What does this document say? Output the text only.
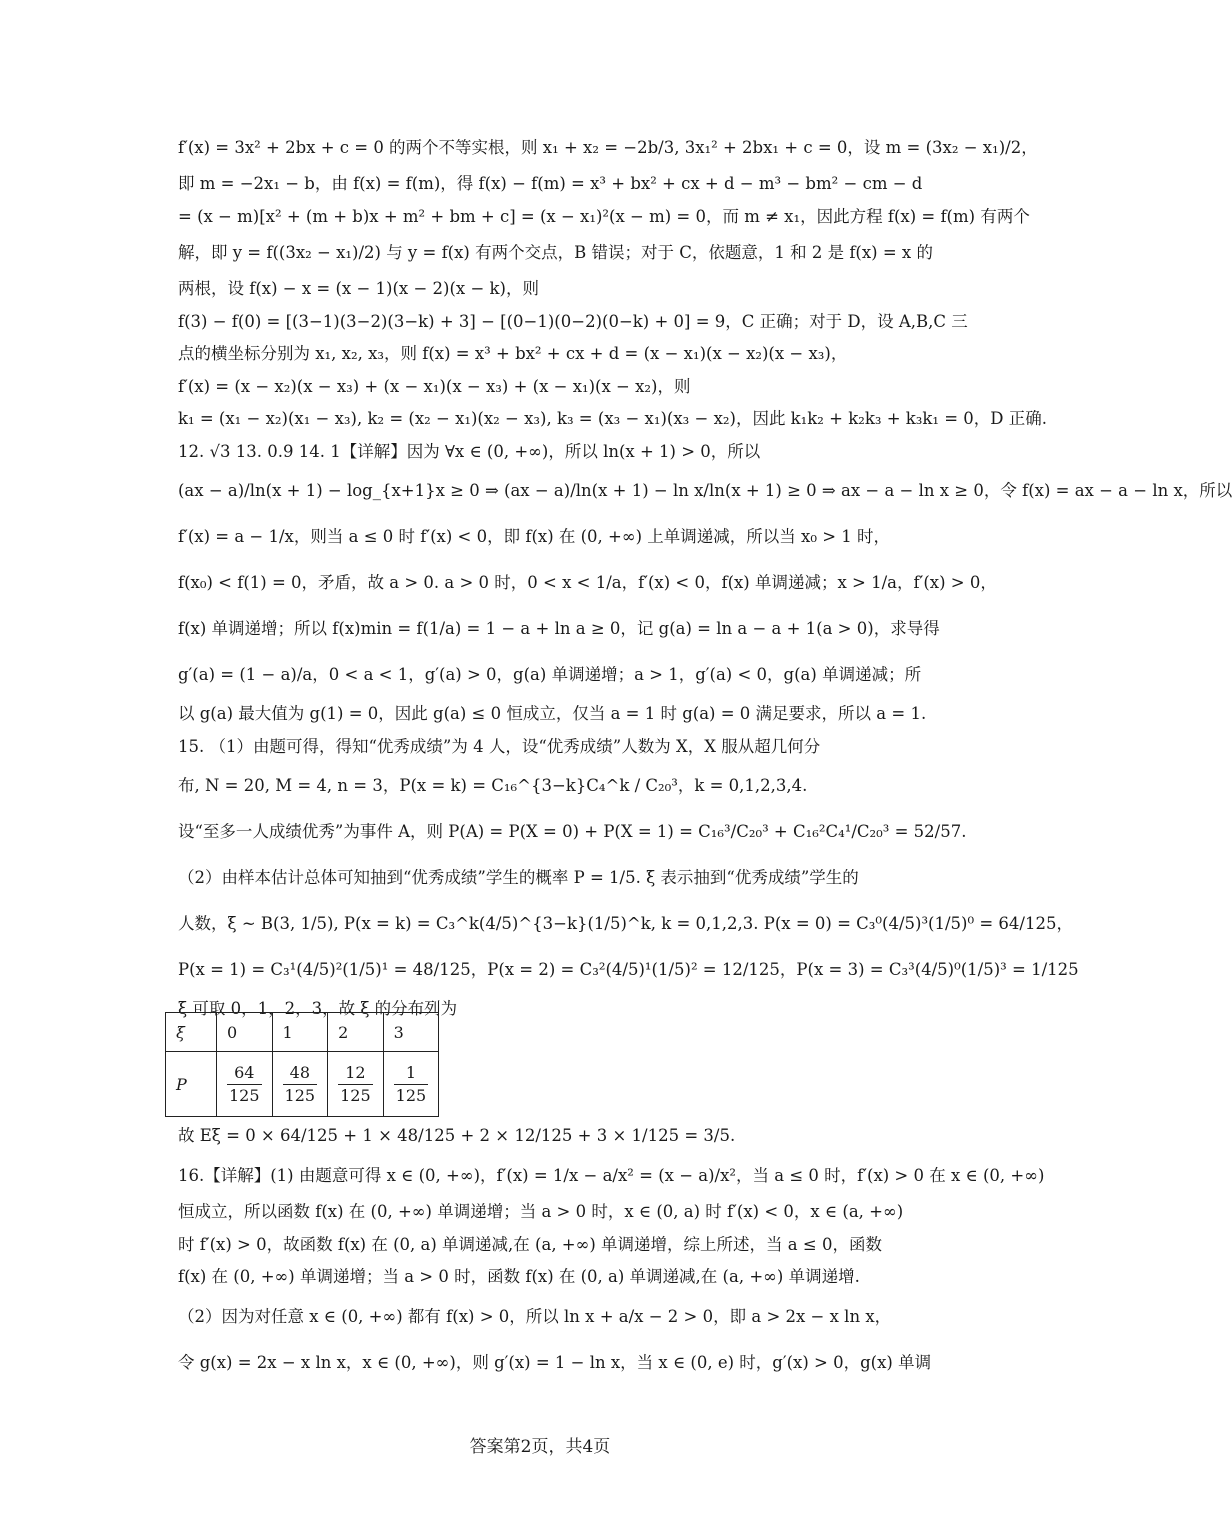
f′(x) = 3x² + 2bx + c = 0 的两个不等实根，则 x₁ + x₂ = −2b/3, 3x₁² + 2bx₁ + c = 0，设 m = (3x₂ − x₁)/2，
即 m = −2x₁ − b，由 f(x) = f(m)，得 f(x) − f(m) = x³ + bx² + cx + d − m³ − bm² − cm − d
= (x − m)[x² + (m + b)x + m² + bm + c] = (x − x₁)²(x − m) = 0，而 m ≠ x₁，因此方程 f(x) = f(m) 有两个
解，即 y = f((3x₂ − x₁)/2) 与 y = f(x) 有两个交点，B 错误；对于 C，依题意，1 和 2 是 f(x) = x 的
两根，设 f(x) − x = (x − 1)(x − 2)(x − k)，则
f(3) − f(0) = [(3−1)(3−2)(3−k) + 3] − [(0−1)(0−2)(0−k) + 0] = 9，C 正确；对于 D，设 A,B,C 三
点的横坐标分别为 x₁, x₂, x₃，则 f(x) = x³ + bx² + cx + d = (x − x₁)(x − x₂)(x − x₃)，
f′(x) = (x − x₂)(x − x₃) + (x − x₁)(x − x₃) + (x − x₁)(x − x₂)，则
k₁ = (x₁ − x₂)(x₁ − x₃), k₂ = (x₂ − x₁)(x₂ − x₃), k₃ = (x₃ − x₁)(x₃ − x₂)，因此 k₁k₂ + k₂k₃ + k₃k₁ = 0，D 正确.
12. √3 13. 0.9 14. 1【详解】因为 ∀x ∈ (0, +∞)，所以 ln(x + 1) > 0，所以
(ax − a)/ln(x + 1) − log_{x+1}x ≥ 0 ⇒ (ax − a)/ln(x + 1) − ln x/ln(x + 1) ≥ 0 ⇒ ax − a − ln x ≥ 0，令 f(x) = ax − a − ln x，所以
f′(x) = a − 1/x，则当 a ≤ 0 时 f′(x) < 0，即 f(x) 在 (0, +∞) 上单调递减，所以当 x₀ > 1 时，
f(x₀) < f(1) = 0，矛盾，故 a > 0. a > 0 时，0 < x < 1/a，f′(x) < 0，f(x) 单调递减；x > 1/a，f′(x) > 0，
f(x) 单调递增；所以 f(x)min = f(1/a) = 1 − a + ln a ≥ 0，记 g(a) = ln a − a + 1(a > 0)，求导得
g′(a) = (1 − a)/a，0 < a < 1，g′(a) > 0，g(a) 单调递增；a > 1，g′(a) < 0，g(a) 单调递减；所
以 g(a) 最大值为 g(1) = 0，因此 g(a) ≤ 0 恒成立，仅当 a = 1 时 g(a) = 0 满足要求，所以 a = 1.
15. （1）由题可得，得知“优秀成绩”为 4 人，设“优秀成绩”人数为 X，X 服从超几何分
布, N = 20, M = 4, n = 3，P(x = k) = C₁₆^{3−k}C₄^k / C₂₀³，k = 0,1,2,3,4.
设“至多一人成绩优秀”为事件 A，则 P(A) = P(X = 0) + P(X = 1) = C₁₆³/C₂₀³ + C₁₆²C₄¹/C₂₀³ = 52/57.
（2）由样本估计总体可知抽到“优秀成绩”学生的概率 P = 1/5. ξ 表示抽到“优秀成绩”学生的
人数，ξ ~ B(3, 1/5), P(x = k) = C₃^k(4/5)^{3−k}(1/5)^k, k = 0,1,2,3. P(x = 0) = C₃⁰(4/5)³(1/5)⁰ = 64/125，
P(x = 1) = C₃¹(4/5)²(1/5)¹ = 48/125，P(x = 2) = C₃²(4/5)¹(1/5)² = 12/125，P(x = 3) = C₃³(4/5)⁰(1/5)³ = 1/125
ξ 可取 0，1，2，3，故 ξ 的分布列为
ξ	0	1	2	3
P	$\frac{64}{125}$	$\frac{48}{125}$	$\frac{12}{125}$	$\frac{1}{125}$
故 Eξ = 0 × 64/125 + 1 × 48/125 + 2 × 12/125 + 3 × 1/125 = 3/5.
16.【详解】(1) 由题意可得 x ∈ (0, +∞)，f′(x) = 1/x − a/x² = (x − a)/x²，当 a ≤ 0 时，f′(x) > 0 在 x ∈ (0, +∞)
恒成立，所以函数 f(x) 在 (0, +∞) 单调递增；当 a > 0 时，x ∈ (0, a) 时 f′(x) < 0，x ∈ (a, +∞)
时 f′(x) > 0，故函数 f(x) 在 (0, a) 单调递减,在 (a, +∞) 单调递增，综上所述，当 a ≤ 0，函数
f(x) 在 (0, +∞) 单调递增；当 a > 0 时，函数 f(x) 在 (0, a) 单调递减,在 (a, +∞) 单调递增.
（2）因为对任意 x ∈ (0, +∞) 都有 f(x) > 0，所以 ln x + a/x − 2 > 0，即 a > 2x − x ln x，
令 g(x) = 2x − x ln x，x ∈ (0, +∞)，则 g′(x) = 1 − ln x，当 x ∈ (0, e) 时，g′(x) > 0，g(x) 单调
答案第2页，共4页
